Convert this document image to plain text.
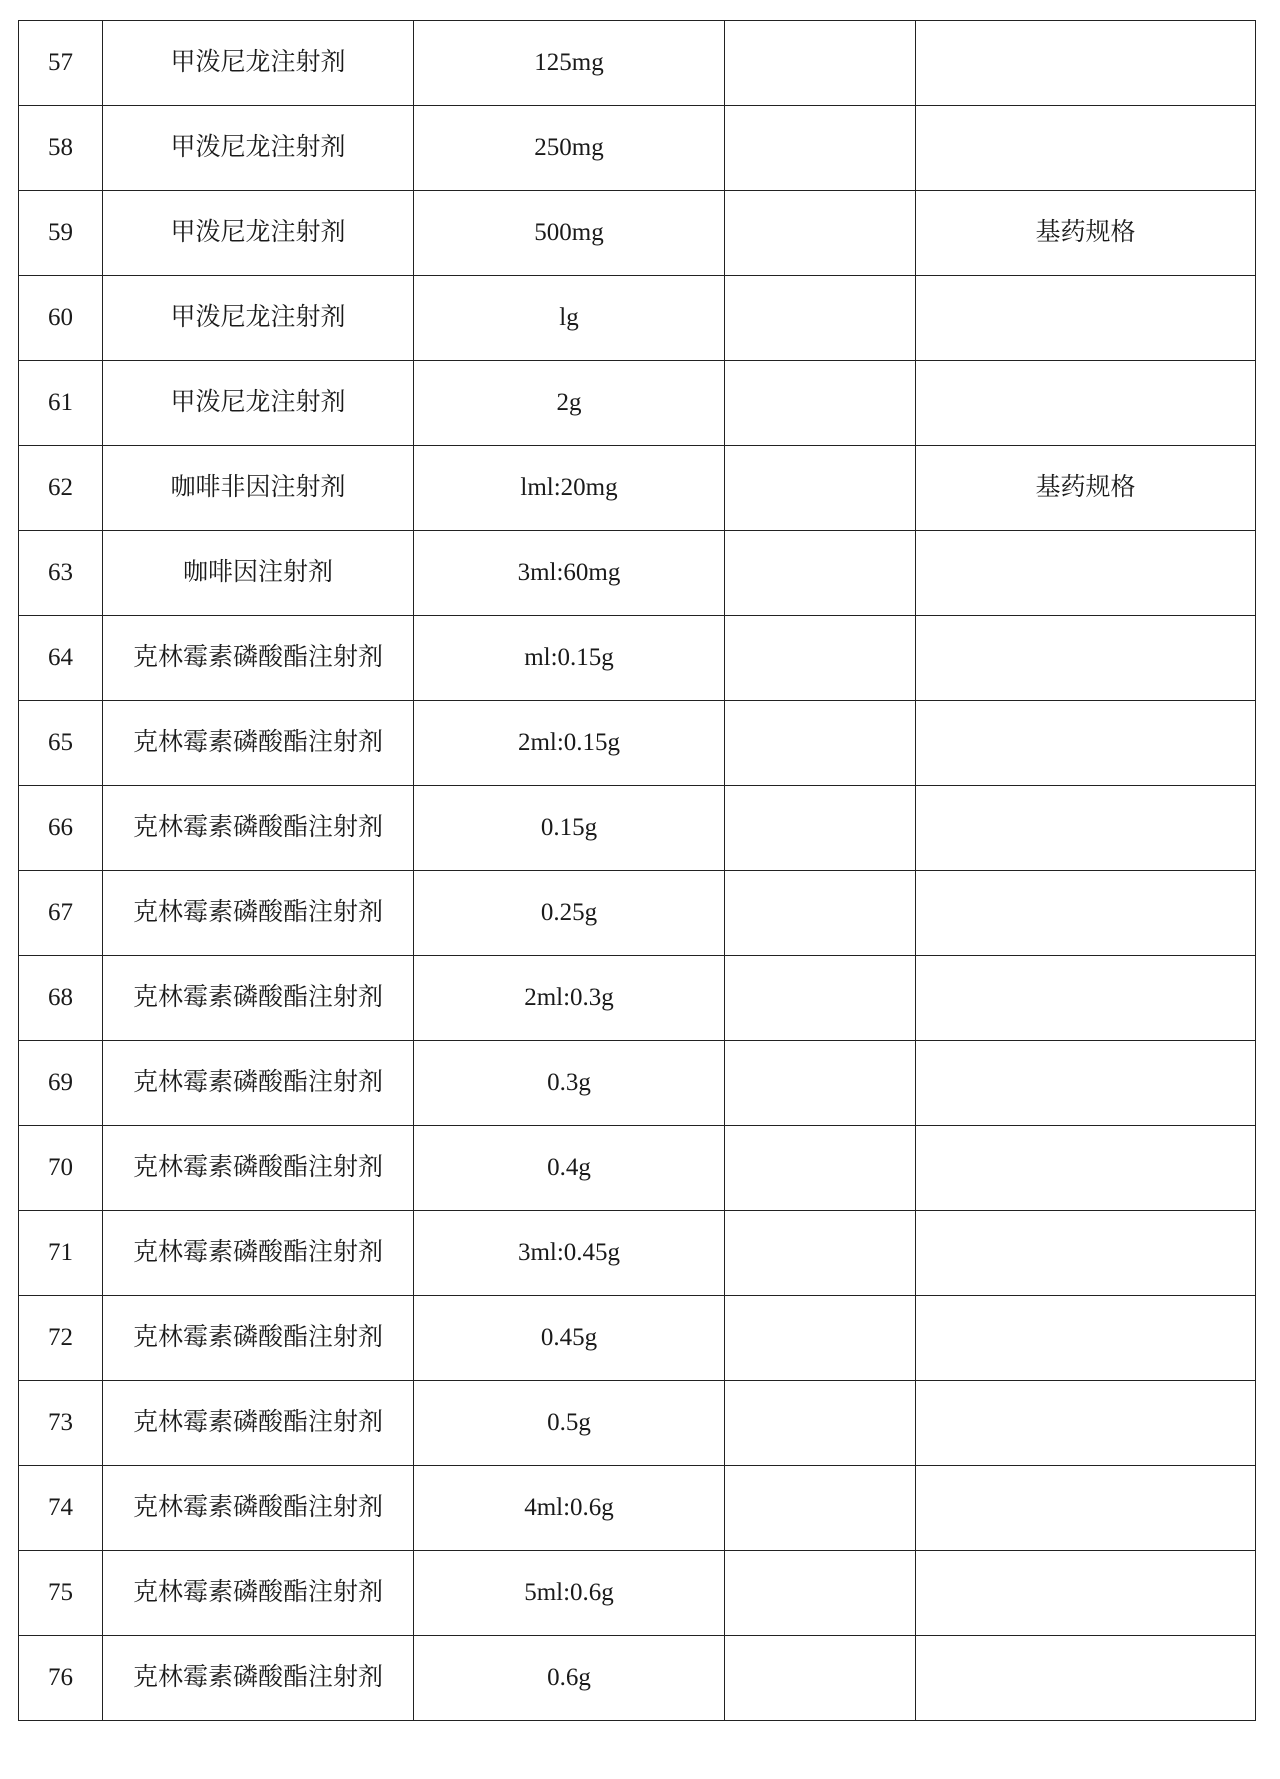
57	甲泼尼龙注射剂	125mg		
58	甲泼尼龙注射剂	250mg		
59	甲泼尼龙注射剂	500mg		基药规格
60	甲泼尼龙注射剂	lg		
61	甲泼尼龙注射剂	2g		
62	咖啡非因注射剂	lml:20mg		基药规格
63	咖啡因注射剂	3ml:60mg		
64	克林霉素磷酸酯注射剂	ml:0.15g		
65	克林霉素磷酸酯注射剂	2ml:0.15g		
66	克林霉素磷酸酯注射剂	0.15g		
67	克林霉素磷酸酯注射剂	0.25g		
68	克林霉素磷酸酯注射剂	2ml:0.3g		
69	克林霉素磷酸酯注射剂	0.3g		
70	克林霉素磷酸酯注射剂	0.4g		
71	克林霉素磷酸酯注射剂	3ml:0.45g		
72	克林霉素磷酸酯注射剂	0.45g		
73	克林霉素磷酸酯注射剂	0.5g		
74	克林霉素磷酸酯注射剂	4ml:0.6g		
75	克林霉素磷酸酯注射剂	5ml:0.6g		
76	克林霉素磷酸酯注射剂	0.6g		
